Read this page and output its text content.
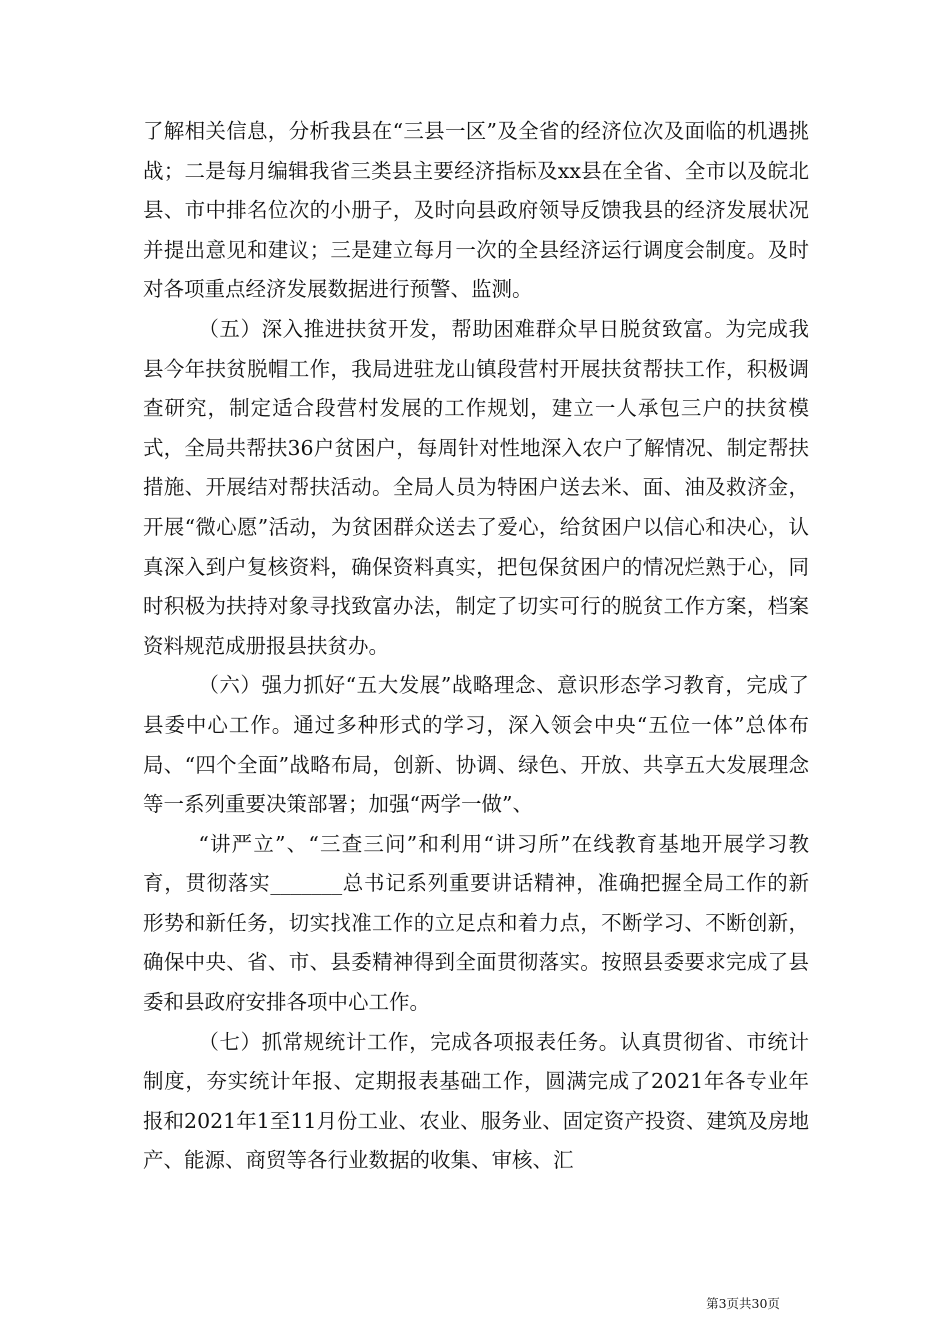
了解相关信息，分析我县在“三县一区”及全省的经济位次及面临的机遇挑战；二是每月编辑我省三类县主要经济指标及xx县在全省、全市以及皖北县、市中排名位次的小册子，及时向县政府领导反馈我县的经济发展状况并提出意见和建议；三是建立每月一次的全县经济运行调度会制度。及时对各项重点经济发展数据进行预警、监测。

（五）深入推进扶贫开发，帮助困难群众早日脱贫致富。为完成我县今年扶贫脱帽工作，我局进驻龙山镇段营村开展扶贫帮扶工作，积极调查研究，制定适合段营村发展的工作规划，建立一人承包三户的扶贫模式，全局共帮扶36户贫困户，每周针对性地深入农户了解情况、制定帮扶措施、开展结对帮扶活动。全局人员为特困户送去米、面、油及救济金，开展“微心愿”活动，为贫困群众送去了爱心，给贫困户以信心和决心，认真深入到户复核资料，确保资料真实，把包保贫困户的情况烂熟于心，同时积极为扶持对象寻找致富办法，制定了切实可行的脱贫工作方案，档案资料规范成册报县扶贫办。

（六）强力抓好“五大发展”战略理念、意识形态学习教育，完成了县委中心工作。通过多种形式的学习，深入领会中央“五位一体”总体布局、“四个全面”战略布局，创新、协调、绿色、开放、共享五大发展理念等一系列重要决策部署；加强“两学一做”、

“讲严立”、“三查三问”和利用“讲习所”在线教育基地开展学习教育，贯彻落实_______总书记系列重要讲话精神，准确把握全局工作的新形势和新任务，切实找准工作的立足点和着力点，不断学习、不断创新，确保中央、省、市、县委精神得到全面贯彻落实。按照县委要求完成了县委和县政府安排各项中心工作。

（七）抓常规统计工作，完成各项报表任务。认真贯彻省、市统计制度，夯实统计年报、定期报表基础工作，圆满完成了2021年各专业年报和2021年1至11月份工业、农业、服务业、固定资产投资、建筑及房地产、能源、商贸等各行业数据的收集、审核、汇

第3页共30页
